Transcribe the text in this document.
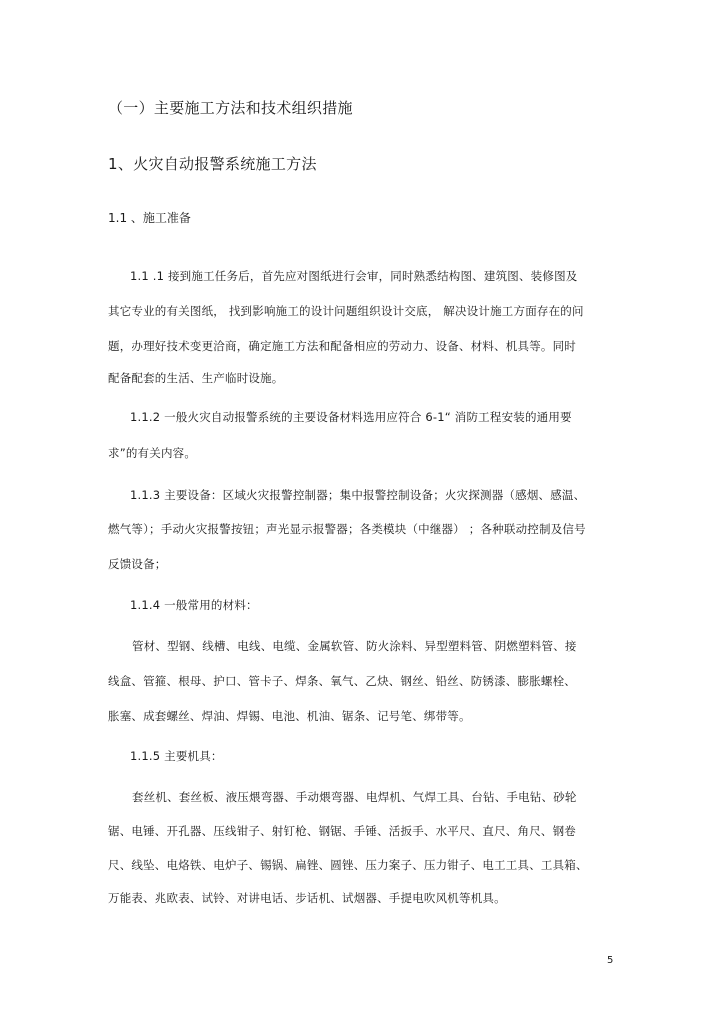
（一）主要施工方法和技术组织措施
1、火灾自动报警系统施工方法
1.1 、施工准备
1.1 .1 接到施工任务后，首先应对图纸进行会审，同时熟悉结构图、建筑图、装修图及
其它专业的有关图纸， 找到影响施工的设计问题组织设计交底， 解决设计施工方面存在的问
题，办理好技术变更洽商，确定施工方法和配备相应的劳动力、设备、材料、机具等。同时
配备配套的生活、生产临时设施。
1.1.2 一般火灾自动报警系统的主要设备材料选用应符合 6-1“ 消防工程安装的通用要
求”的有关内容。
1.1.3 主要设备：区域火灾报警控制器；集中报警控制设备；火灾探测器（感烟、感温、
燃气等）；手动火灾报警按钮；声光显示报警器；各类模块（中继器） ；各种联动控制及信号
反馈设备；
1.1.4 一般常用的材料：
管材、型钢、线槽、电线、电缆、金属软管、防火涂料、异型塑料管、阴燃塑料管、接
线盒、管箍、根母、护口、管卡子、焊条、氧气、乙炔、钢丝、铅丝、防锈漆、膨胀螺栓、
胀塞、成套螺丝、焊油、焊锡、电池、机油、锯条、记号笔、绑带等。
1.1.5 主要机具：
套丝机、套丝板、液压煨弯器、手动煨弯器、电焊机、气焊工具、台钻、手电钻、砂轮
锯、电锤、开孔器、压线钳子、射钉枪、钢锯、手锤、活扳手、水平尺、直尺、角尺、钢卷
尺、线坠、电烙铁、电炉子、锡锅、扁锉、圆锉、压力案子、压力钳子、电工工具、工具箱、
万能表、兆欧表、试铃、对讲电话、步话机、试烟器、手提电吹风机等机具。
5
